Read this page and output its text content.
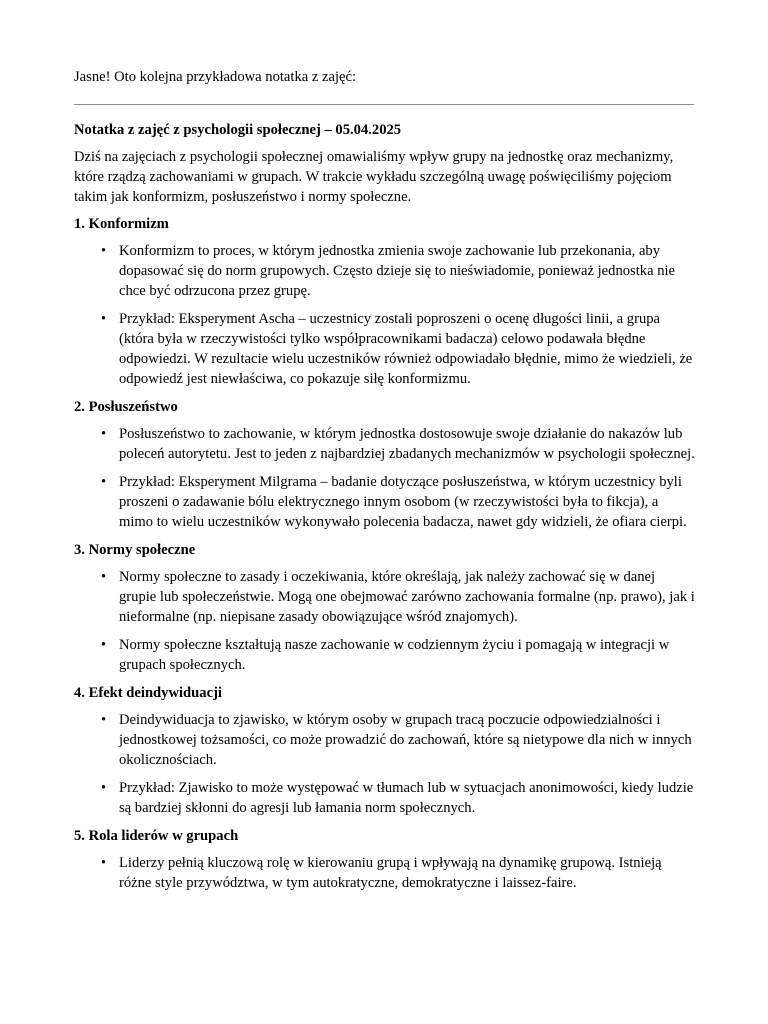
Jasne! Oto kolejna przykładowa notatka z zajęć:

Notatka z zajęć z psychologii społecznej – 05.04.2025

Dziś na zajęciach z psychologii społecznej omawialiśmy wpływ grupy na jednostkę oraz mechanizmy, które rządzą zachowaniami w grupach. W trakcie wykładu szczególną uwagę poświęciliśmy pojęciom takim jak konformizm, posłuszeństwo i normy społeczne.

1. Konformizm

• Konformizm to proces, w którym jednostka zmienia swoje zachowanie lub przekonania, aby dopasować się do norm grupowych. Często dzieje się to nieświadomie, ponieważ jednostka nie chce być odrzucona przez grupę.
• Przykład: Eksperyment Ascha – uczestnicy zostali poproszeni o ocenę długości linii, a grupa (która była w rzeczywistości tylko współpracownikami badacza) celowo podawała błędne odpowiedzi. W rezultacie wielu uczestników również odpowiadało błędnie, mimo że wiedzieli, że odpowiedź jest niewłaściwa, co pokazuje siłę konformizmu.

2. Posłuszeństwo

• Posłuszeństwo to zachowanie, w którym jednostka dostosowuje swoje działanie do nakazów lub poleceń autorytetu. Jest to jeden z najbardziej zbadanych mechanizmów w psychologii społecznej.
• Przykład: Eksperyment Milgrama – badanie dotyczące posłuszeństwa, w którym uczestnicy byli proszeni o zadawanie bólu elektrycznego innym osobom (w rzeczywistości była to fikcja), a mimo to wielu uczestników wykonywało polecenia badacza, nawet gdy widzieli, że ofiara cierpi.

3. Normy społeczne

• Normy społeczne to zasady i oczekiwania, które określają, jak należy zachować się w danej grupie lub społeczeństwie. Mogą one obejmować zarówno zachowania formalne (np. prawo), jak i nieformalne (np. niepisane zasady obowiązujące wśród znajomych).
• Normy społeczne kształtują nasze zachowanie w codziennym życiu i pomagają w integracji w grupach społecznych.

4. Efekt deindywiduacji

• Deindywiduacja to zjawisko, w którym osoby w grupach tracą poczucie odpowiedzialności i jednostkowej tożsamości, co może prowadzić do zachowań, które są nietypowe dla nich w innych okolicznościach.
• Przykład: Zjawisko to może występować w tłumach lub w sytuacjach anonimowości, kiedy ludzie są bardziej skłonni do agresji lub łamania norm społecznych.

5. Rola liderów w grupach

• Liderzy pełnią kluczową rolę w kierowaniu grupą i wpływają na dynamikę grupową. Istnieją różne style przywództwa, w tym autokratyczne, demokratyczne i laissez-faire.
